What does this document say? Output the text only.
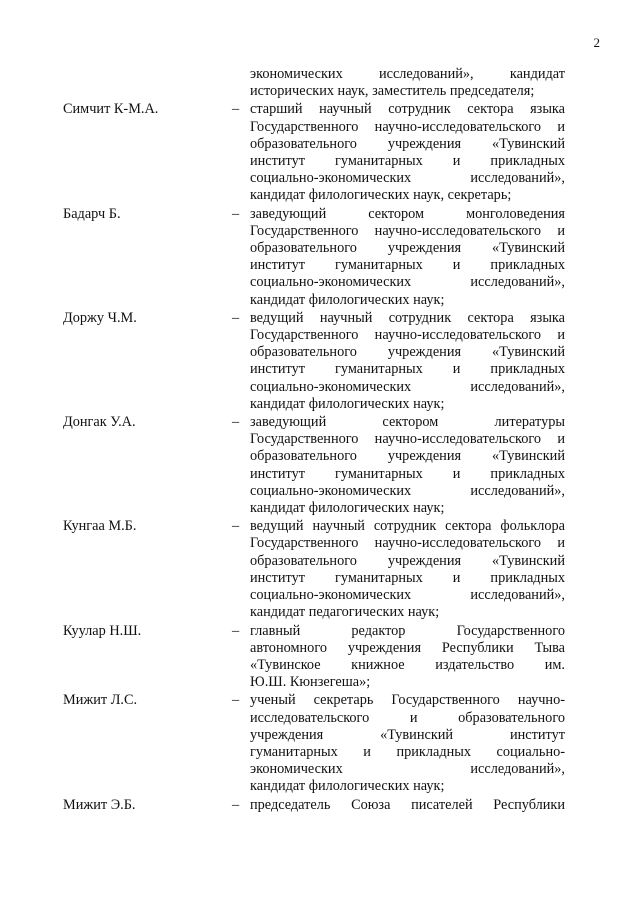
2
экономических исследований», кандидат
исторических наук, заместитель председателя;
Симчит К-М.А.	– старший научный сотрудник сектора языка
Государственного научно-исследовательского и
образовательного учреждения «Тувинский
институт гуманитарных и прикладных
социально-экономических исследований»,
кандидат филологических наук, секретарь;
Бадарч Б.	– заведующий сектором монголоведения
Государственного научно-исследовательского и
образовательного учреждения «Тувинский
институт гуманитарных и прикладных
социально-экономических исследований»,
кандидат филологических наук;
Доржу Ч.М.	– ведущий научный сотрудник сектора языка
Государственного научно-исследовательского и
образовательного учреждения «Тувинский
институт гуманитарных и прикладных
социально-экономических исследований»,
кандидат филологических наук;
Донгак У.А.	– заведующий сектором литературы
Государственного научно-исследовательского и
образовательного учреждения «Тувинский
институт гуманитарных и прикладных
социально-экономических исследований»,
кандидат филологических наук;
Кунгаа М.Б.	– ведущий научный сотрудник сектора фольклора
Государственного научно-исследовательского и
образовательного учреждения «Тувинский
институт гуманитарных и прикладных
социально-экономических исследований»,
кандидат педагогических наук;
Куулар Н.Ш.	– главный редактор Государственного
автономного учреждения Республики Тыва
«Тувинское книжное издательство им.
Ю.Ш. Кюнзегеша»;
Мижит Л.С.	– ученый секретарь Государственного научно-
исследовательского и образовательного
учреждения «Тувинский институт
гуманитарных и прикладных социально-
экономических исследований»,
кандидат филологических наук;
Мижит Э.Б.	– председатель Союза писателей Республики
